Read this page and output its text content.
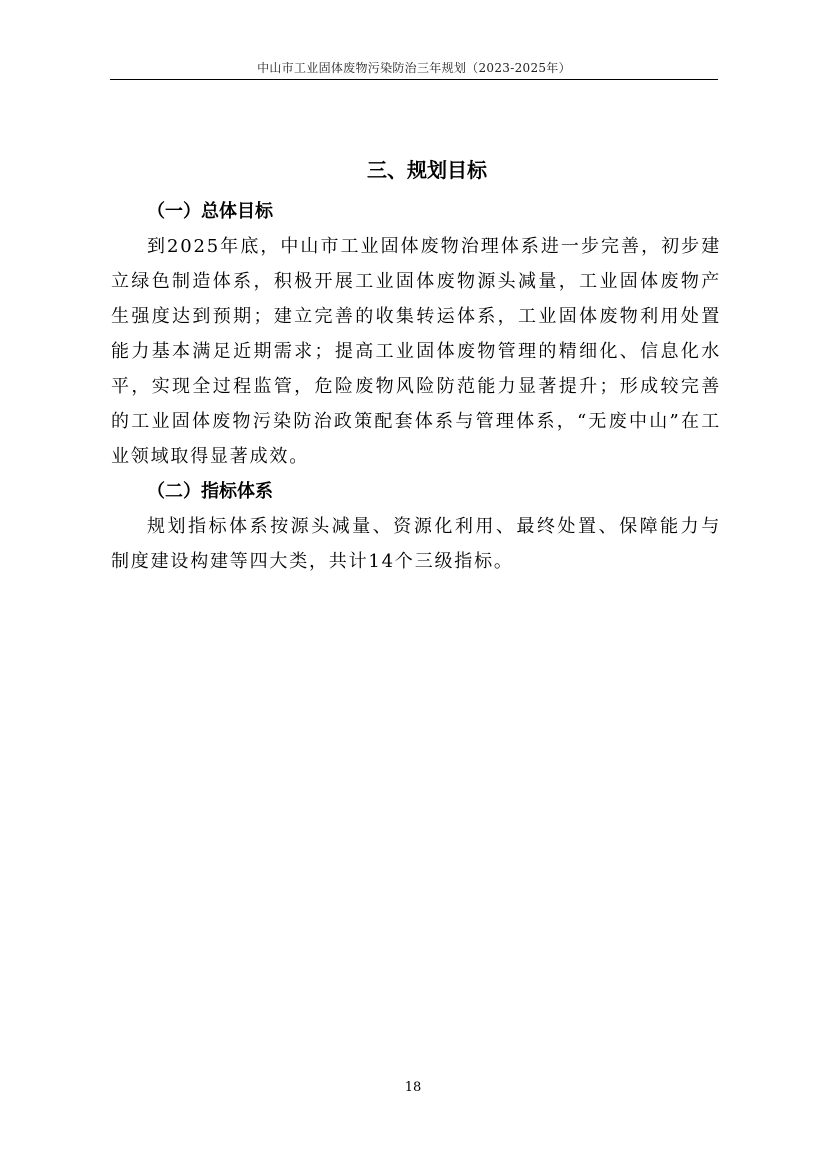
中山市工业固体废物污染防治三年规划（2023-2025年）
三、规划目标
（一）总体目标

到2025年底，中山市工业固体废物治理体系进一步完善，初步建立绿色制造体系，积极开展工业固体废物源头减量，工业固体废物产生强度达到预期；建立完善的收集转运体系，工业固体废物利用处置能力基本满足近期需求；提高工业固体废物管理的精细化、信息化水平，实现全过程监管，危险废物风险防范能力显著提升；形成较完善的工业固体废物污染防治政策配套体系与管理体系，“无废中山”在工业领域取得显著成效。

（二）指标体系

规划指标体系按源头减量、资源化利用、最终处置、保障能力与制度建设构建等四大类，共计14个三级指标。

18
